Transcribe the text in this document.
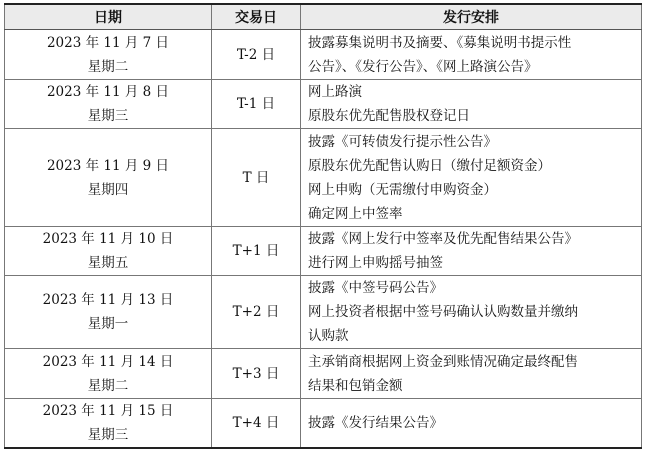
日期	交易日	发行安排

2023 年 11 月 7 日
星期二	T-2 日	披露募集说明书及摘要、《募集说明书提示性
公告》、《发行公告》、《网上路演公告》

2023 年 11 月 8 日
星期三	T-1 日	网上路演
原股东优先配售股权登记日

2023 年 11 月 9 日
星期四	T 日	披露《可转债发行提示性公告》
原股东优先配售认购日（缴付足额资金）
网上申购（无需缴付申购资金）
确定网上中签率

2023 年 11 月 10 日
星期五	T+1 日	披露《网上发行中签率及优先配售结果公告》
进行网上申购摇号抽签

2023 年 11 月 13 日
星期一	T+2 日	披露《中签号码公告》
网上投资者根据中签号码确认认购数量并缴纳
认购款

2023 年 11 月 14 日
星期二	T+3 日	主承销商根据网上资金到账情况确定最终配售
结果和包销金额

2023 年 11 月 15 日
星期三	T+4 日	披露《发行结果公告》
